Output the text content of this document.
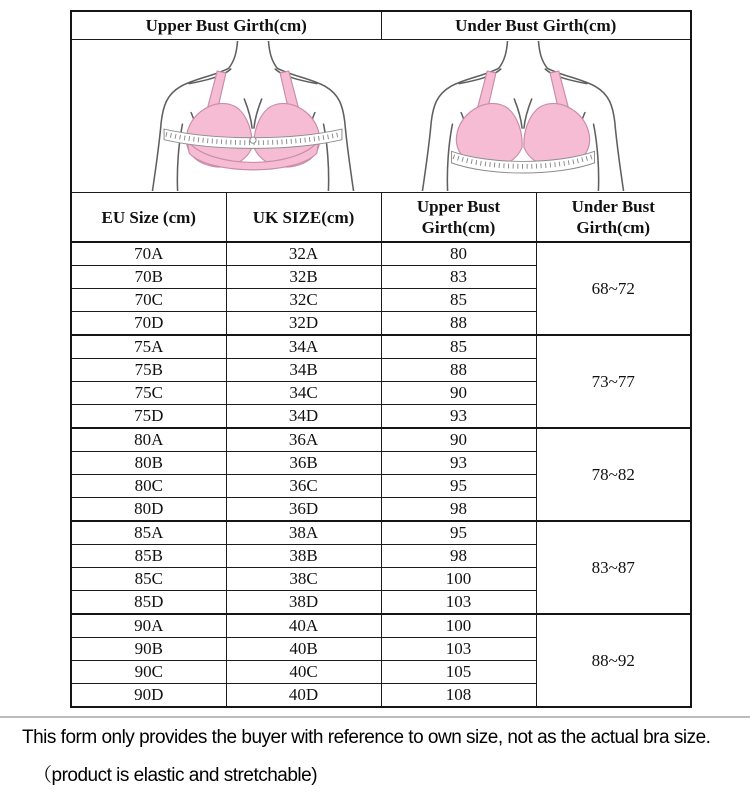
Upper Bust Girth(cm)		Under Bust Girth(cm)	

EU Size (cm)	UK SIZE(cm)	Upper Bust Girth(cm)	Under Bust Girth(cm)
70A	32A	80	68~72
70B	32B	83	
70C	32C	85	
70D	32D	88	
75A	34A	85	73~77
75B	34B	88	
75C	34C	90	
75D	34D	93	
80A	36A	90	78~82
80B	36B	93	
80C	36C	95	
80D	36D	98	
85A	38A	95	83~87
85B	38B	98	
85C	38C	100	
85D	38D	103	
90A	40A	100	88~92
90B	40B	103	
90C	40C	105	
90D	40D	108	
This form only provides the buyer with reference to own size, not as the actual bra size.
（product is elastic and stretchable)
